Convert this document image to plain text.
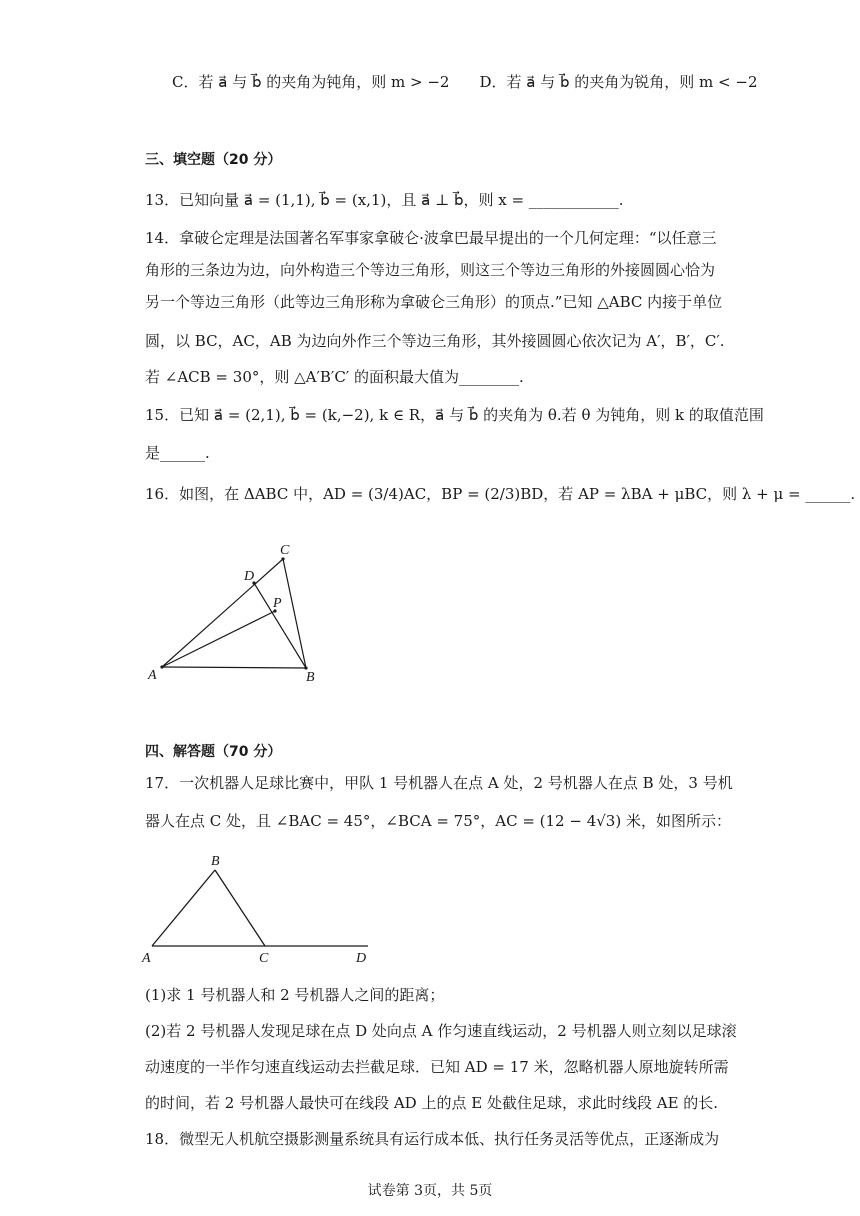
C．若 a⃗ 与 b⃗ 的夹角为钝角，则 m > −2　　D．若 a⃗ 与 b⃗ 的夹角为锐角，则 m < −2
三、填空题（20 分）
13．已知向量 a⃗ = (1,1), b⃗ = (x,1)，且 a⃗ ⊥ b⃗，则 x = ____________.
14．拿破仑定理是法国著名军事家拿破仑·波拿巴最早提出的一个几何定理：“以任意三
角形的三条边为边，向外构造三个等边三角形，则这三个等边三角形的外接圆圆心恰为
另一个等边三角形（此等边三角形称为拿破仑三角形）的顶点.”已知 △ABC 内接于单位
圆，以 BC，AC，AB 为边向外作三个等边三角形，其外接圆圆心依次记为 A′，B′，C′.
若 ∠ACB = 30°，则 △A′B′C′ 的面积最大值为________.
15．已知 a⃗ = (2,1), b⃗ = (k,−2), k ∈ R，a⃗ 与 b⃗ 的夹角为 θ.若 θ 为钝角，则 k 的取值范围
是______.
16．如图，在 ΔABC 中，AD = (3/4)AC，BP = (2/3)BD，若 AP = λBA + μBC，则 λ + μ = ______.
A	B
C
D
P
四、解答题（70 分）
17．一次机器人足球比赛中，甲队 1 号机器人在点 A 处，2 号机器人在点 B 处，3 号机
器人在点 C 处，且 ∠BAC = 45°，∠BCA = 75°，AC = (12 − 4√3) 米，如图所示：
A
B
C	D
(1)求 1 号机器人和 2 号机器人之间的距离；
(2)若 2 号机器人发现足球在点 D 处向点 A 作匀速直线运动，2 号机器人则立刻以足球滚
动速度的一半作匀速直线运动去拦截足球．已知 AD = 17 米，忽略机器人原地旋转所需
的时间，若 2 号机器人最快可在线段 AD 上的点 E 处截住足球，求此时线段 AE 的长.
18．微型无人机航空摄影测量系统具有运行成本低、执行任务灵活等优点，正逐渐成为
试卷第 3页，共 5页
